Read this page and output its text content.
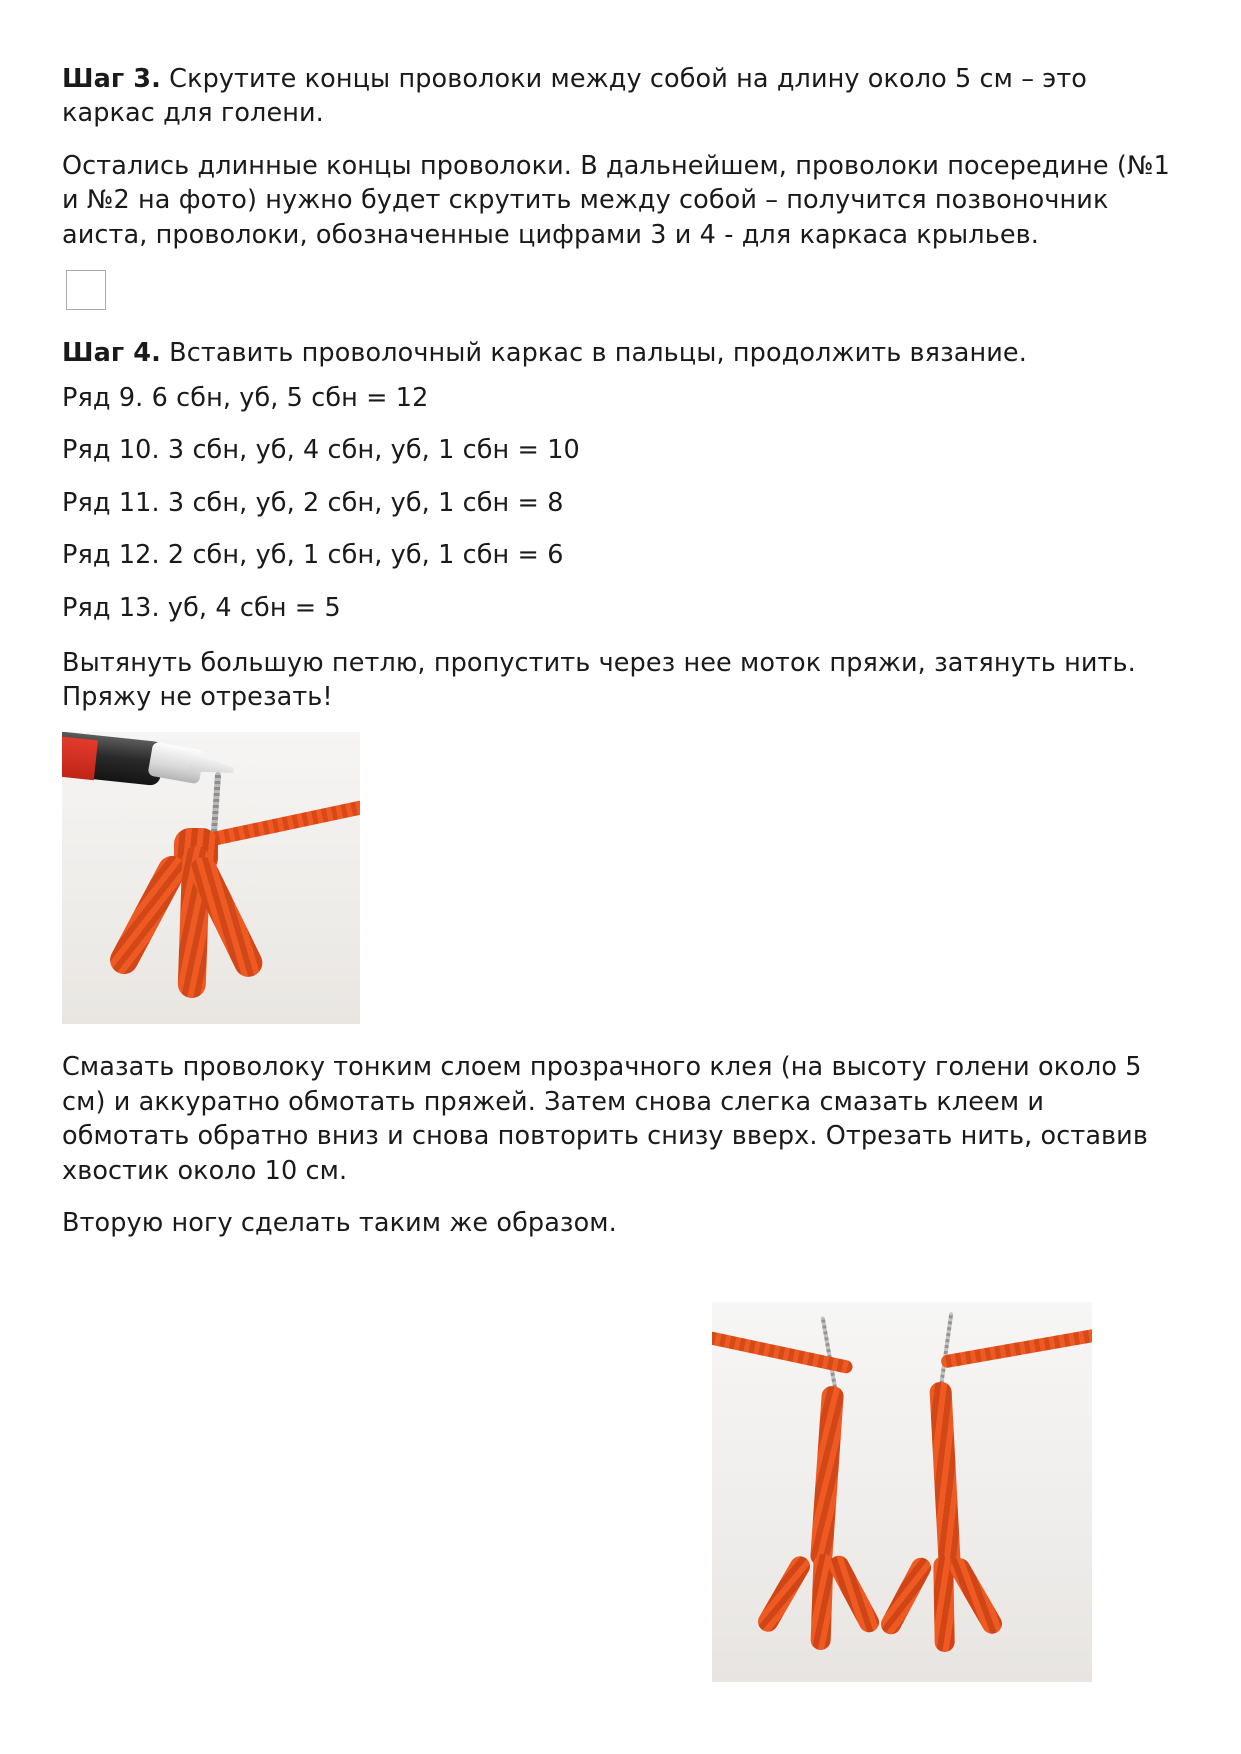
Шаг 3. Скрутите концы проволоки между собой на длину около 5 см – это каркас для голени.

Остались длинные концы проволоки. В дальнейшем, проволоки посередине (№1 и №2 на фото) нужно будет скрутить между собой – получится позвоночник аиста, проволоки, обозначенные цифрами 3 и 4 - для каркаса крыльев.

Шаг 4. Вставить проволочный каркас в пальцы, продолжить вязание.

Ряд 9. 6 сбн, уб, 5 сбн = 12

Ряд 10. 3 сбн, уб, 4 сбн, уб, 1 сбн = 10

Ряд 11. 3 сбн, уб, 2 сбн, уб, 1 сбн = 8

Ряд 12. 2 сбн, уб, 1 сбн, уб, 1 сбн = 6

Ряд 13. уб, 4 сбн = 5

Вытянуть большую петлю, пропустить через нее моток пряжи, затянуть нить. Пряжу не отрезать!

Смазать проволоку тонким слоем прозрачного клея (на высоту голени около 5 см) и аккуратно обмотать пряжей. Затем снова слегка смазать клеем и обмотать обратно вниз и снова повторить снизу вверх. Отрезать нить, оставив хвостик около 10 см.

Вторую ногу сделать таким же образом.
